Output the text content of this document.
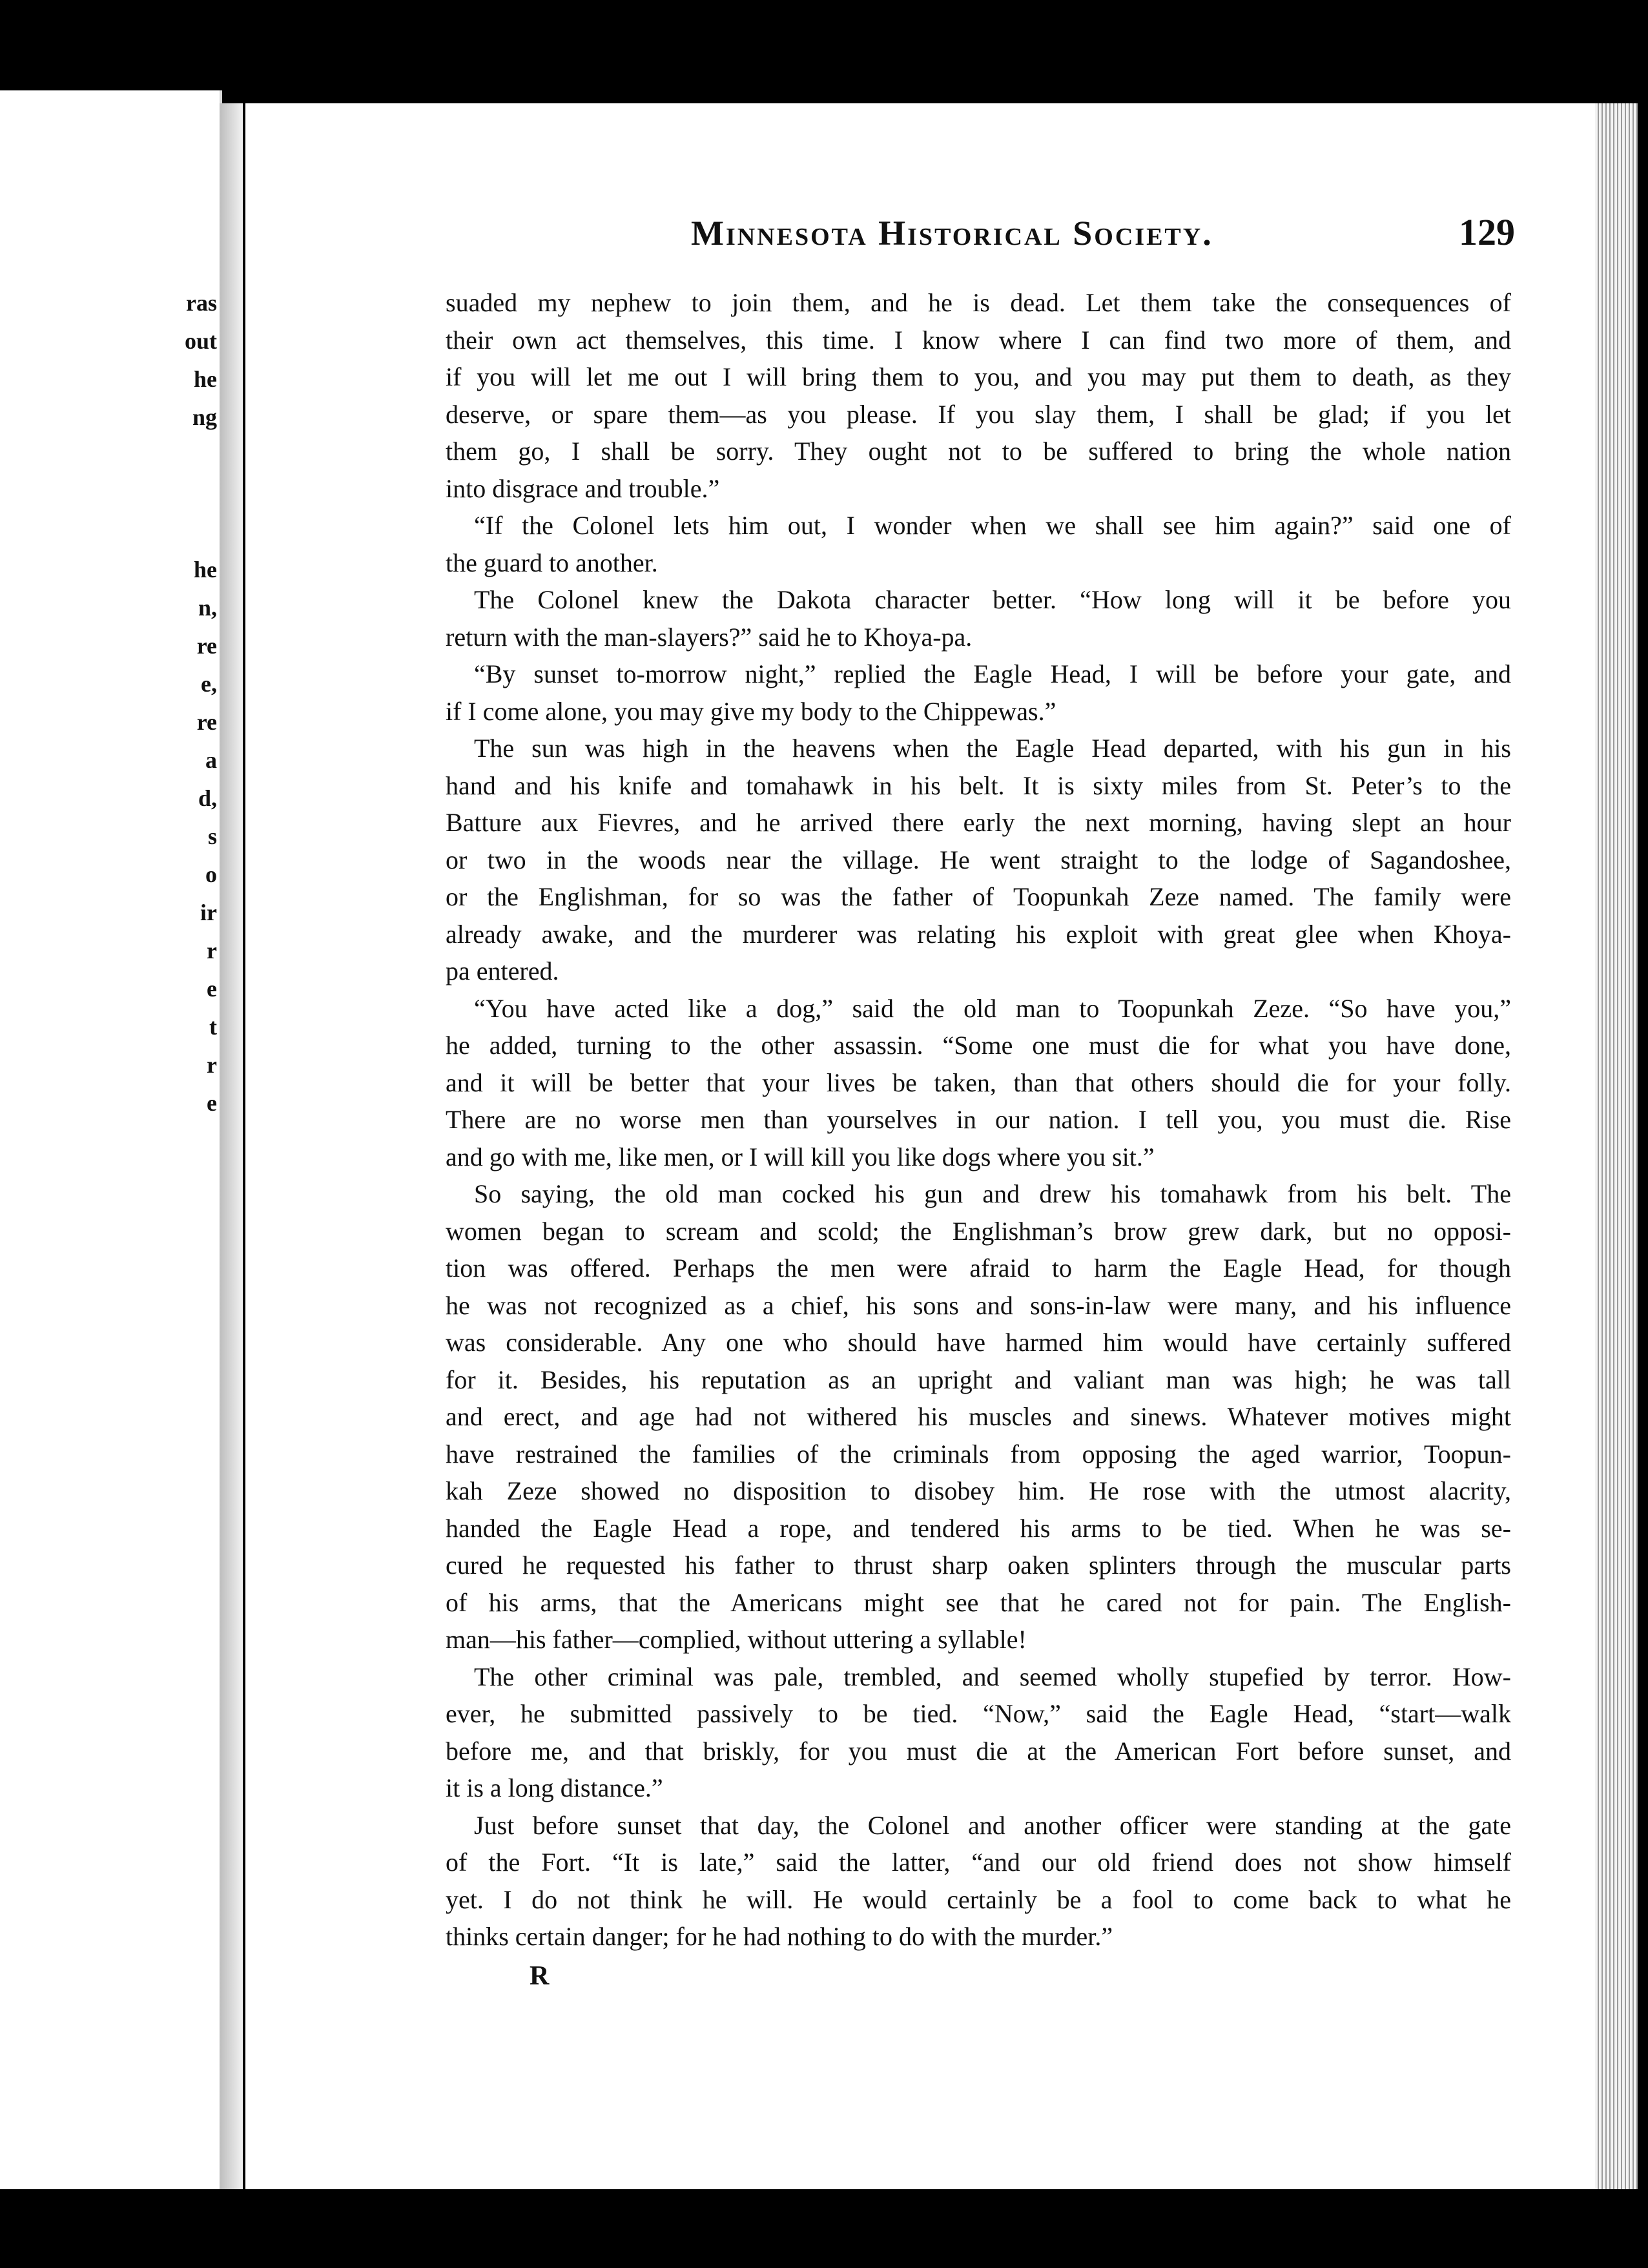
ras
out
he
ng
he
n,
re
e,
re
a
d,
s
o
ir
r
e
t
r
e
Minnesota Historical Society.	129
suaded my nephew to join them, and he is dead. Let them take the consequences of
their own act themselves, this time. I know where I can find two more of them, and
if you will let me out I will bring them to you, and you may put them to death, as they
deserve, or spare them—as you please. If you slay them, I shall be glad; if you let
them go, I shall be sorry. They ought not to be suffered to bring the whole nation
into disgrace and trouble.”
“If the Colonel lets him out, I wonder when we shall see him again?” said one of
the guard to another.
The Colonel knew the Dakota character better. “How long will it be before you
return with the man-slayers?” said he to Khoya-pa.
“By sunset to-morrow night,” replied the Eagle Head, I will be before your gate, and
if I come alone, you may give my body to the Chippewas.”
The sun was high in the heavens when the Eagle Head departed, with his gun in his
hand and his knife and tomahawk in his belt. It is sixty miles from St. Peter’s to the
Batture aux Fievres, and he arrived there early the next morning, having slept an hour
or two in the woods near the village. He went straight to the lodge of Sagandoshee,
or the Englishman, for so was the father of Toopunkah Zeze named. The family were
already awake, and the murderer was relating his exploit with great glee when Khoya-
pa entered.
“You have acted like a dog,” said the old man to Toopunkah Zeze. “So have you,”
he added, turning to the other assassin. “Some one must die for what you have done,
and it will be better that your lives be taken, than that others should die for your folly.
There are no worse men than yourselves in our nation. I tell you, you must die. Rise
and go with me, like men, or I will kill you like dogs where you sit.”
So saying, the old man cocked his gun and drew his tomahawk from his belt. The
women began to scream and scold; the Englishman’s brow grew dark, but no opposi-
tion was offered. Perhaps the men were afraid to harm the Eagle Head, for though
he was not recognized as a chief, his sons and sons-in-law were many, and his influence
was considerable. Any one who should have harmed him would have certainly suffered
for it. Besides, his reputation as an upright and valiant man was high; he was tall
and erect, and age had not withered his muscles and sinews. Whatever motives might
have restrained the families of the criminals from opposing the aged warrior, Toopun-
kah Zeze showed no disposition to disobey him. He rose with the utmost alacrity,
handed the Eagle Head a rope, and tendered his arms to be tied. When he was se-
cured he requested his father to thrust sharp oaken splinters through the muscular parts
of his arms, that the Americans might see that he cared not for pain. The English-
man—his father—complied, without uttering a syllable!
The other criminal was pale, trembled, and seemed wholly stupefied by terror. How-
ever, he submitted passively to be tied. “Now,” said the Eagle Head, “start—walk
before me, and that briskly, for you must die at the American Fort before sunset, and
it is a long distance.”
Just before sunset that day, the Colonel and another officer were standing at the gate
of the Fort. “It is late,” said the latter, “and our old friend does not show himself
yet. I do not think he will. He would certainly be a fool to come back to what he
thinks certain danger; for he had nothing to do with the murder.”
R
